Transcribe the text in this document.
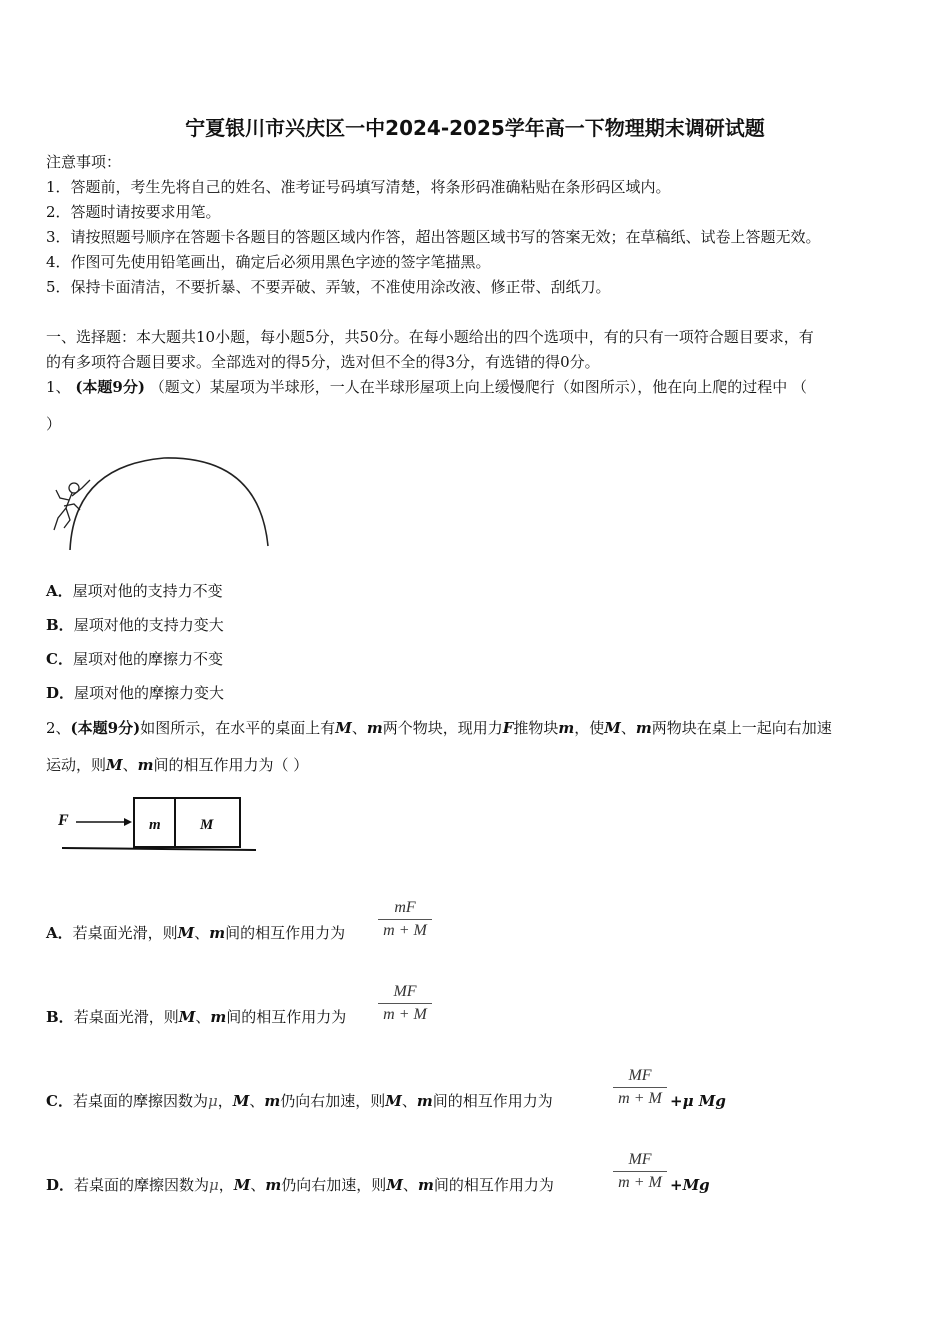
宁夏银川市兴庆区一中2024-2025学年高一下物理期末调研试题
注意事项：
1．答题前，考生先将自己的姓名、准考证号码填写清楚，将条形码准确粘贴在条形码区域内。
2．答题时请按要求用笔。
3．请按照题号顺序在答题卡各题目的答题区域内作答，超出答题区域书写的答案无效；在草稿纸、试卷上答题无效。
4．作图可先使用铅笔画出，确定后必须用黑色字迹的签字笔描黑。
5．保持卡面清洁，不要折暴、不要弄破、弄皱，不准使用涂改液、修正带、刮纸刀。
一、选择题：本大题共10小题，每小题5分，共50分。在每小题给出的四个选项中，有的只有一项符合题目要求，有
的有多项符合题目要求。全部选对的得5分，选对但不全的得3分，有选错的得0分。
1、 (本题9分) （题文）某屋项为半球形，一人在半球形屋项上向上缓慢爬行（如图所示），他在向上爬的过程中 （
）
A．屋项对他的支持力不变
B．屋项对他的支持力变大
C．屋项对他的摩擦力不变
D．屋项对他的摩擦力变大
2、(本题9分)如图所示，在水平的桌面上有M、m两个物块，现用力F推物块m，使M、m两物块在桌上一起向右加速
运动，则M、m间的相互作用力为（ ）
F	m	M
A．若桌面光滑，则M、m间的相互作用力为
mF
m + M
B．若桌面光滑，则M、m间的相互作用力为
MF
m + M
C．若桌面的摩擦因数为μ，M、m仍向右加速，则M、m间的相互作用力为
MF
m + M +μ Mg
D．若桌面的摩擦因数为μ，M、m仍向右加速，则M、m间的相互作用力为
MF
m + M +Mg
